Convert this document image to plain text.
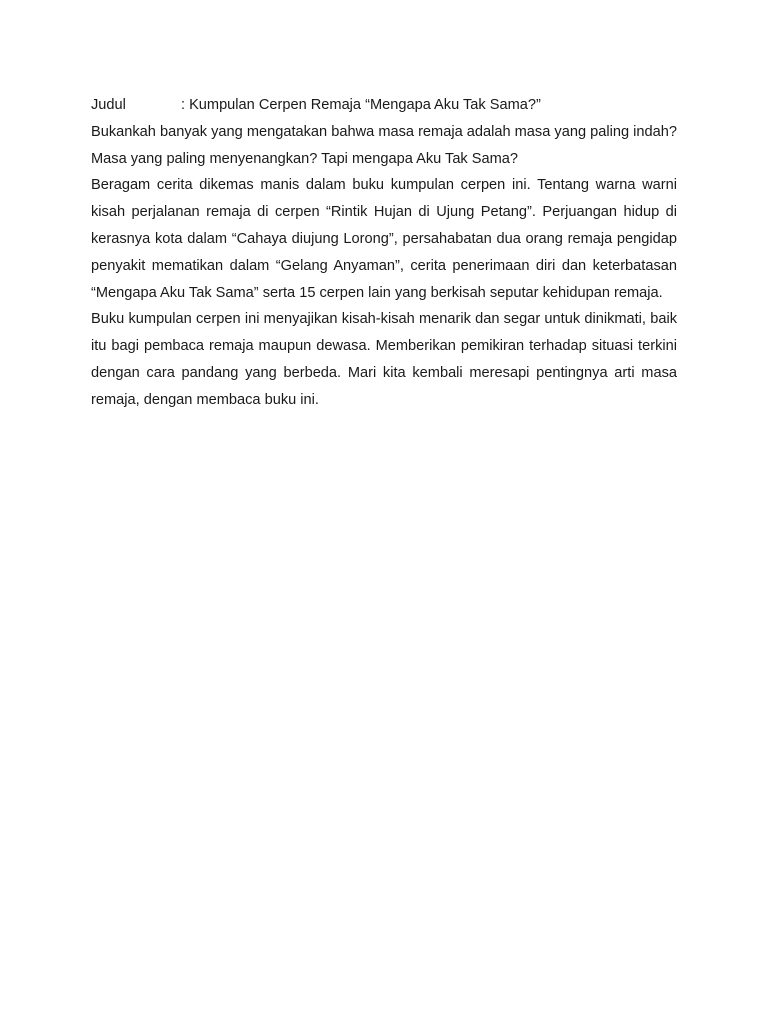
Judul	: Kumpulan Cerpen Remaja “Mengapa Aku Tak Sama?”

Bukankah banyak yang mengatakan bahwa masa remaja adalah masa yang paling indah? Masa yang paling menyenangkan? Tapi mengapa Aku Tak Sama?

Beragam cerita dikemas manis dalam buku kumpulan cerpen ini. Tentang warna warni kisah perjalanan remaja di cerpen “Rintik Hujan di Ujung Petang”. Perjuangan hidup di kerasnya kota dalam “Cahaya diujung Lorong”, persahabatan dua orang remaja pengidap penyakit mematikan dalam “Gelang Anyaman”, cerita penerimaan diri dan keterbatasan “Mengapa Aku Tak Sama” serta 15 cerpen lain yang berkisah seputar kehidupan remaja.

Buku kumpulan cerpen ini menyajikan kisah-kisah menarik dan segar untuk dinikmati, baik itu bagi pembaca remaja maupun dewasa. Memberikan pemikiran terhadap situasi terkini dengan cara pandang yang berbeda. Mari kita kembali meresapi pentingnya arti masa remaja, dengan membaca buku ini.
